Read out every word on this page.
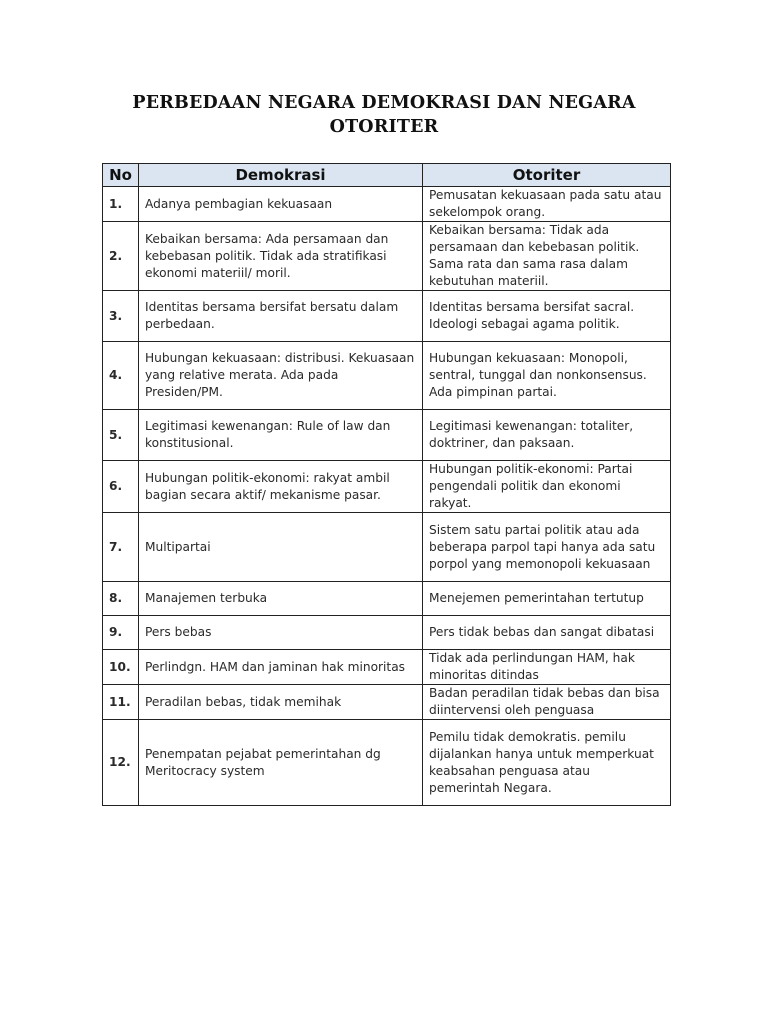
PERBEDAAN NEGARA DEMOKRASI DAN NEGARA OTORITER
No	Demokrasi	Otoriter
1.	Adanya pembagian kekuasaan	Pemusatan kekuasaan pada satu atau sekelompok orang.
2.	Kebaikan bersama: Ada persamaan dan kebebasan politik. Tidak ada stratifikasi ekonomi materiil/ moril.	Kebaikan bersama: Tidak ada persamaan dan kebebasan politik. Sama rata dan sama rasa dalam kebutuhan materiil.
3.	Identitas bersama bersifat bersatu dalam perbedaan.	Identitas bersama bersifat sacral. Ideologi sebagai agama politik.
4.	Hubungan kekuasaan: distribusi. Kekuasaan yang relative merata. Ada pada Presiden/PM.	Hubungan kekuasaan: Monopoli, sentral, tunggal dan nonkonsensus. Ada pimpinan partai.
5.	Legitimasi kewenangan: Rule of law dan konstitusional.	Legitimasi kewenangan: totaliter, doktriner, dan paksaan.
6.	Hubungan politik-ekonomi: rakyat ambil bagian secara aktif/ mekanisme pasar.	Hubungan politik-ekonomi: Partai pengendali politik dan ekonomi rakyat.
7.	Multipartai	Sistem satu partai politik atau ada beberapa parpol tapi hanya ada satu porpol yang memonopoli kekuasaan
8.	Manajemen terbuka	Menejemen pemerintahan tertutup
9.	Pers bebas	Pers tidak bebas dan sangat dibatasi
10.	Perlindgn. HAM dan jaminan hak minoritas	Tidak ada perlindungan HAM, hak minoritas ditindas
11.	Peradilan bebas, tidak memihak	Badan peradilan tidak bebas dan bisa diintervensi oleh penguasa
12.	Penempatan pejabat pemerintahan dg Meritocracy system	Pemilu tidak demokratis. pemilu dijalankan hanya untuk memperkuat keabsahan penguasa atau pemerintah Negara.
